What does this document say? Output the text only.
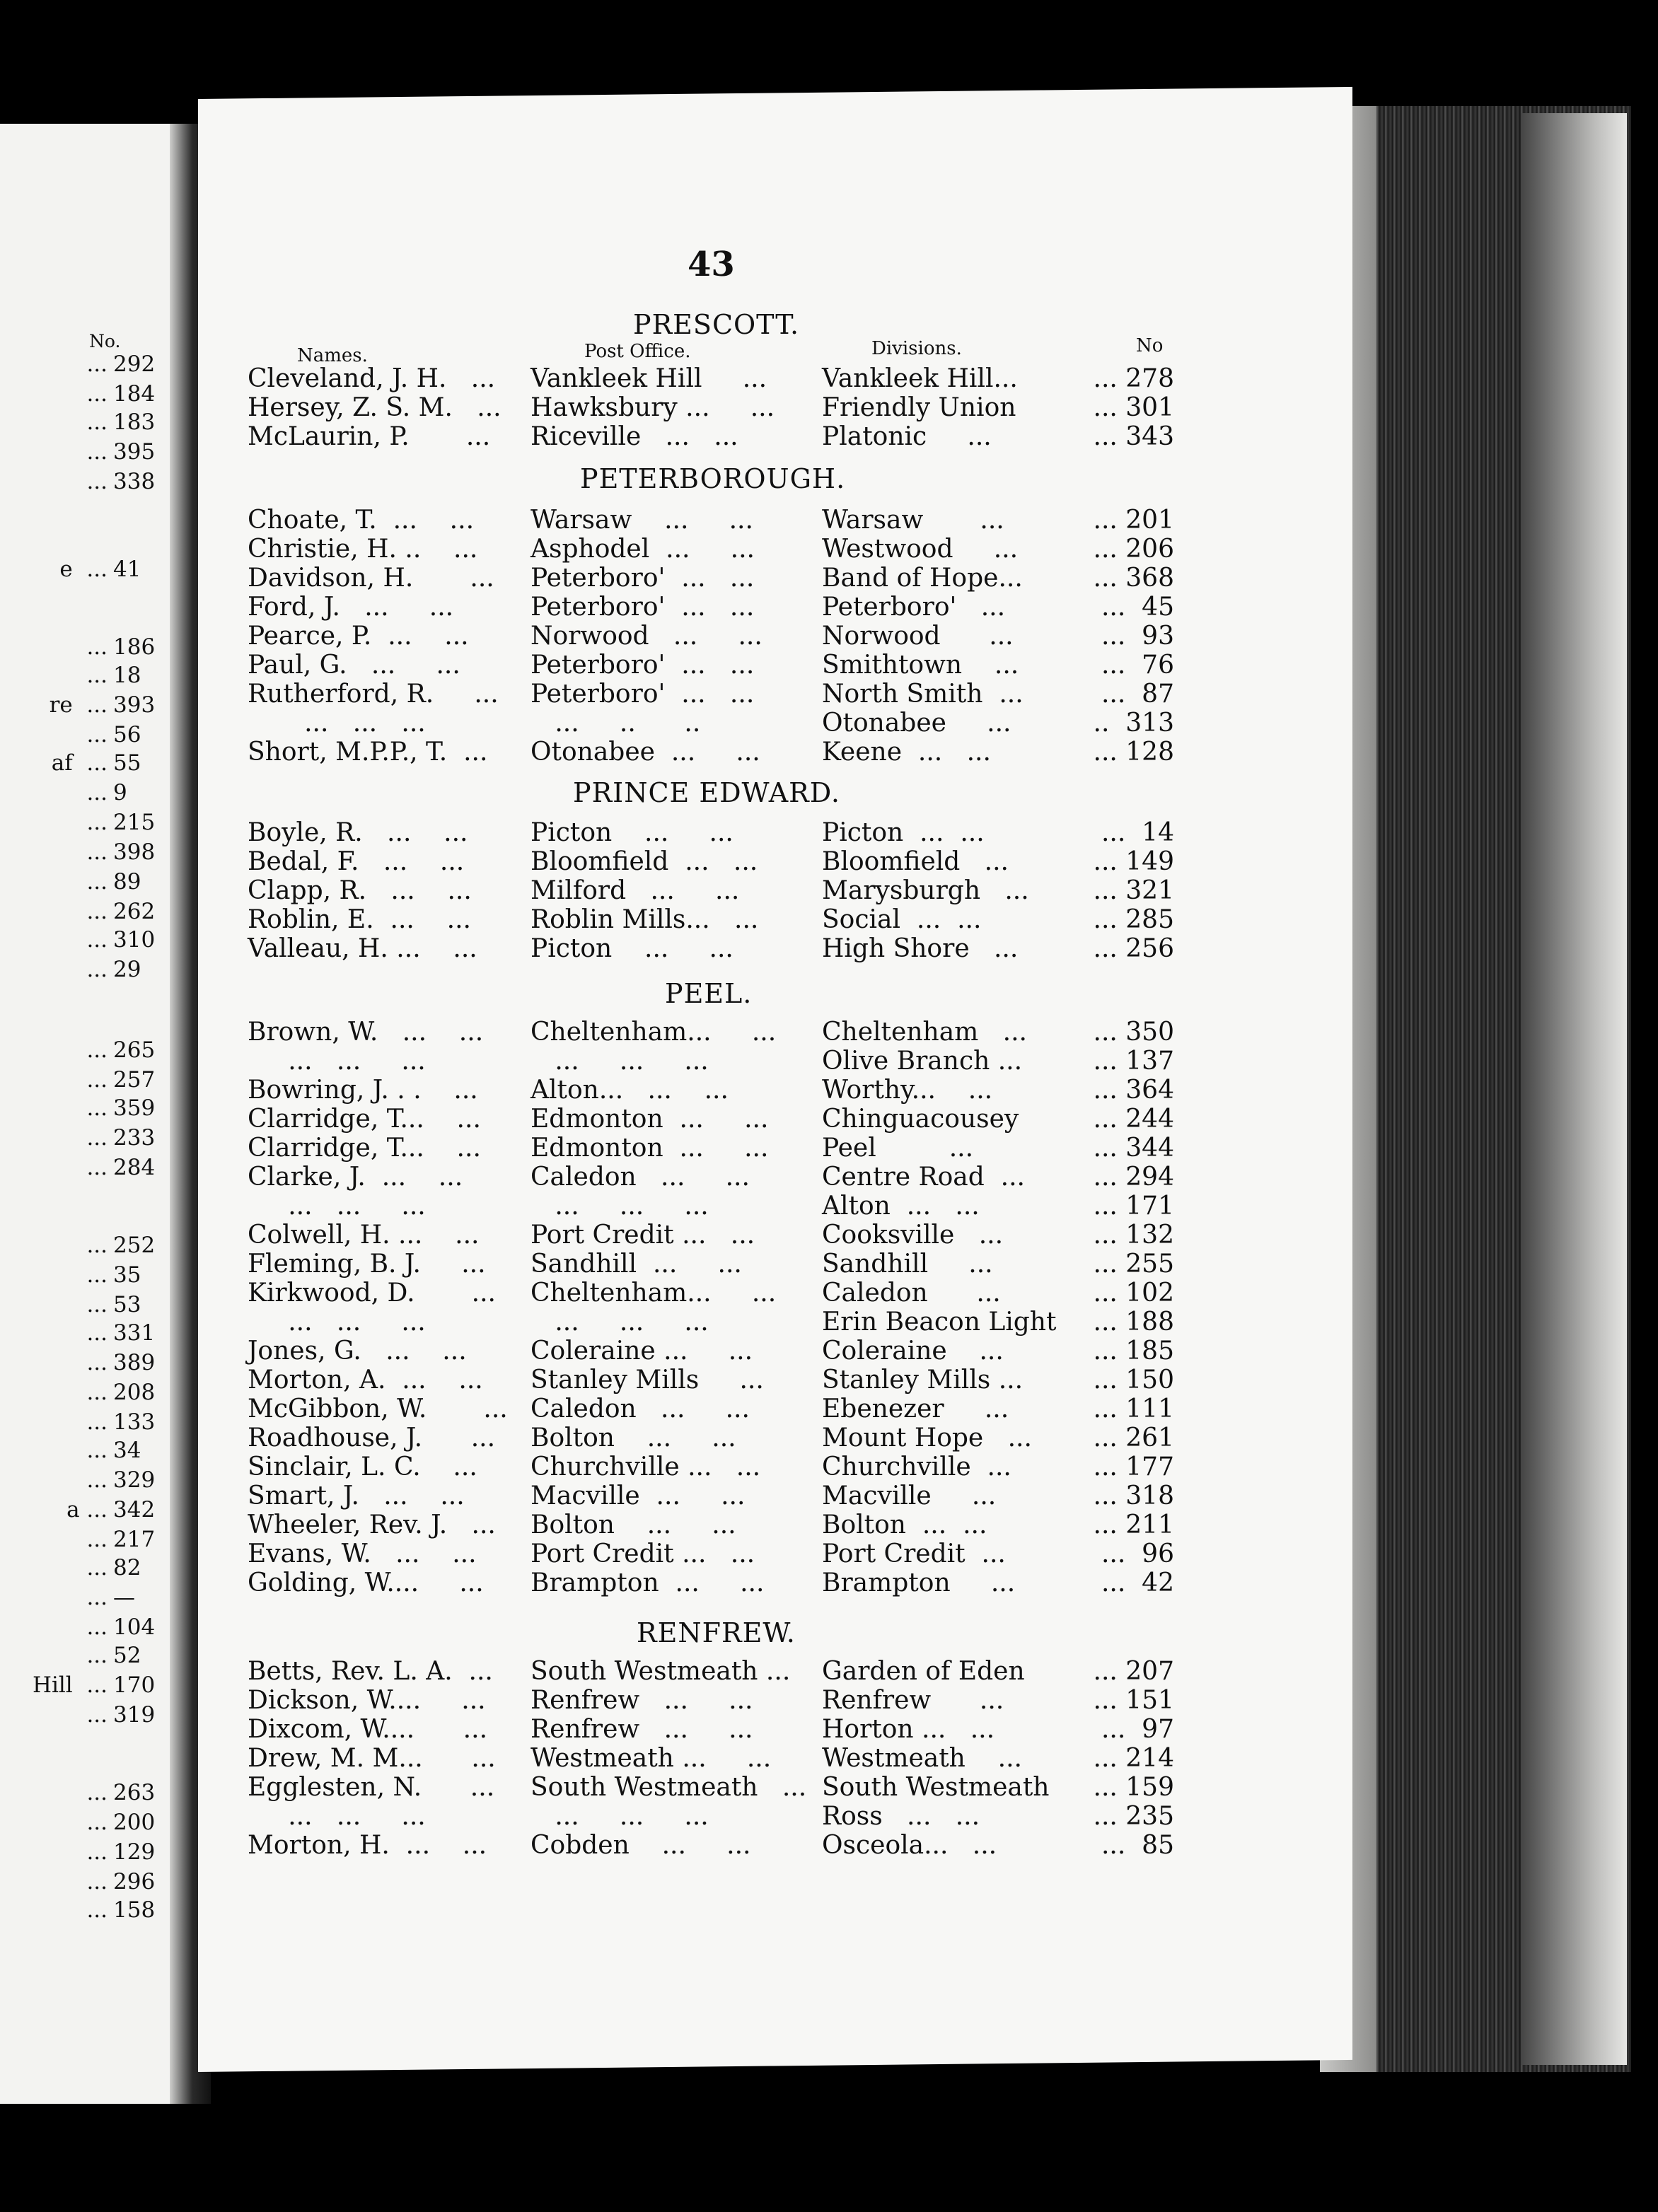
No.
... 292
... 184
... 183
... 395
... 338
e  ... 41
... 186
... 18
re  ... 393
... 56
af  ... 55
... 9
... 215
... 398
... 89
... 262
... 310
... 29
... 265
... 257
... 359
... 233
... 284
... 252
... 35
... 53
... 331
... 389
... 208
... 133
... 34
... 329
a ... 342
... 217
... 82
... —
... 104
... 52
Hill  ... 170
... 319
... 263
... 200
... 129
... 296
... 158
43
Names.	Post Office.	Divisions.	No
PRESCOTT.
Cleveland, J. H.   ... Vankleek Hill     ... Vankleek Hill...	... 278
Hersey, Z. S. M.   ... Hawksbury ...     ... Friendly Union	... 301
McLaurin, P.       ... Riceville   ...   ...	Platonic     ...	... 343
PETERBOROUGH.
Choate, T.  ...    ... Warsaw    ...     ...	Warsaw       ...	... 201
Christie, H. ..    ... Asphodel  ...     ...	Westwood     ...	... 206
Davidson, H.       ... Peterboro'  ...   ...	Band of Hope...	... 368
Ford, J.   ...     ...	Peterboro'  ...   ...	Peterboro'   ...	...  45
Pearce, P.  ...    ... Norwood   ...     ... Norwood      ...	...  93
Paul, G.   ...     ...	Peterboro'  ...   ...	Smithtown    ...	...  76
Rutherford, R.     ... Peterboro'  ...   ...	North Smith  ...	...  87
...   ...   ...	...     ..      ..	Otonabee     ...	..  313
Short, M.P.P., T.  ... Otonabee  ...     ... Keene  ...   ...	... 128
PRINCE EDWARD.
Boyle, R.   ...    ... Picton    ...     ...	Picton  ...  ...	...  14
Bedal, F.   ...    ...	Bloomfield  ...   ...	Bloomfield   ...	... 149
Clapp, R.   ...    ... Milford   ...     ...	Marysburgh   ...	... 321
Roblin, E.  ...    ... Roblin Mills...   ... Social  ...  ...	... 285
Valleau, H. ...    ... Picton    ...     ...	High Shore   ...	... 256
PEEL.
Brown, W.   ...    ... Cheltenham...     ... Cheltenham   ...	... 350
...   ...     ...	...     ...     ...	Olive Branch ...	... 137
Bowring, J. . .    ... Alton...   ...    ...	Worthy...    ...	... 364
Clarridge, T...    ... Edmonton  ...     ... Chinguacousey	... 244
Clarridge, T...    ... Edmonton  ...     ... Peel         ...	... 344
Clarke, J.  ...    ...	Caledon   ...     ...	Centre Road  ...	... 294
...   ...     ...	...     ...     ...	Alton  ...   ...	... 171
Colwell, H. ...    ... Port Credit ...   ...	Cooksville   ...	... 132
Fleming, B. J.     ... Sandhill  ...     ...	Sandhill     ...	... 255
Kirkwood, D.       ... Cheltenham...     ... Caledon      ...	... 102
...   ...     ...	...     ...     ...	Erin Beacon Light ... 188
Jones, G.   ...    ...	Coleraine ...     ...	Coleraine    ...	... 185
Morton, A.  ...    ... Stanley Mills     ... Stanley Mills ...	... 150
McGibbon, W.       ... Caledon   ...     ...	Ebenezer     ...	... 111
Roadhouse, J.      ... Bolton    ...     ...	Mount Hope   ... ... 261
Sinclair, L. C.    ... Churchville ...   ... Churchville  ...	... 177
Smart, J.   ...    ...	Macville  ...     ...	Macville     ...	... 318
Wheeler, Rev. J.   ... Bolton    ...     ...	Bolton  ...  ...	... 211
Evans, W.   ...    ... Port Credit ...   ...	Port Credit  ...	...  96
Golding, W....     ... Brampton  ...     ... Brampton     ...	...  42
RENFREW.
Betts, Rev. L. A.  ... South Westmeath ... Garden of Eden	... 207
Dickson, W....     ... Renfrew   ...     ...	Renfrew      ...	... 151
Dixcom, W....      ... Renfrew   ...     ...	Horton ...   ...	...  97
Drew, M. M...      ... Westmeath ...     ... Westmeath    ...	... 214
Egglesten, N.      ... South Westmeath   ... South Westmeath ... 159
...   ...     ...	...     ...     ...	Ross   ...   ...	... 235
Morton, H.  ...    ... Cobden    ...     ...	Osceola...   ...	...  85
